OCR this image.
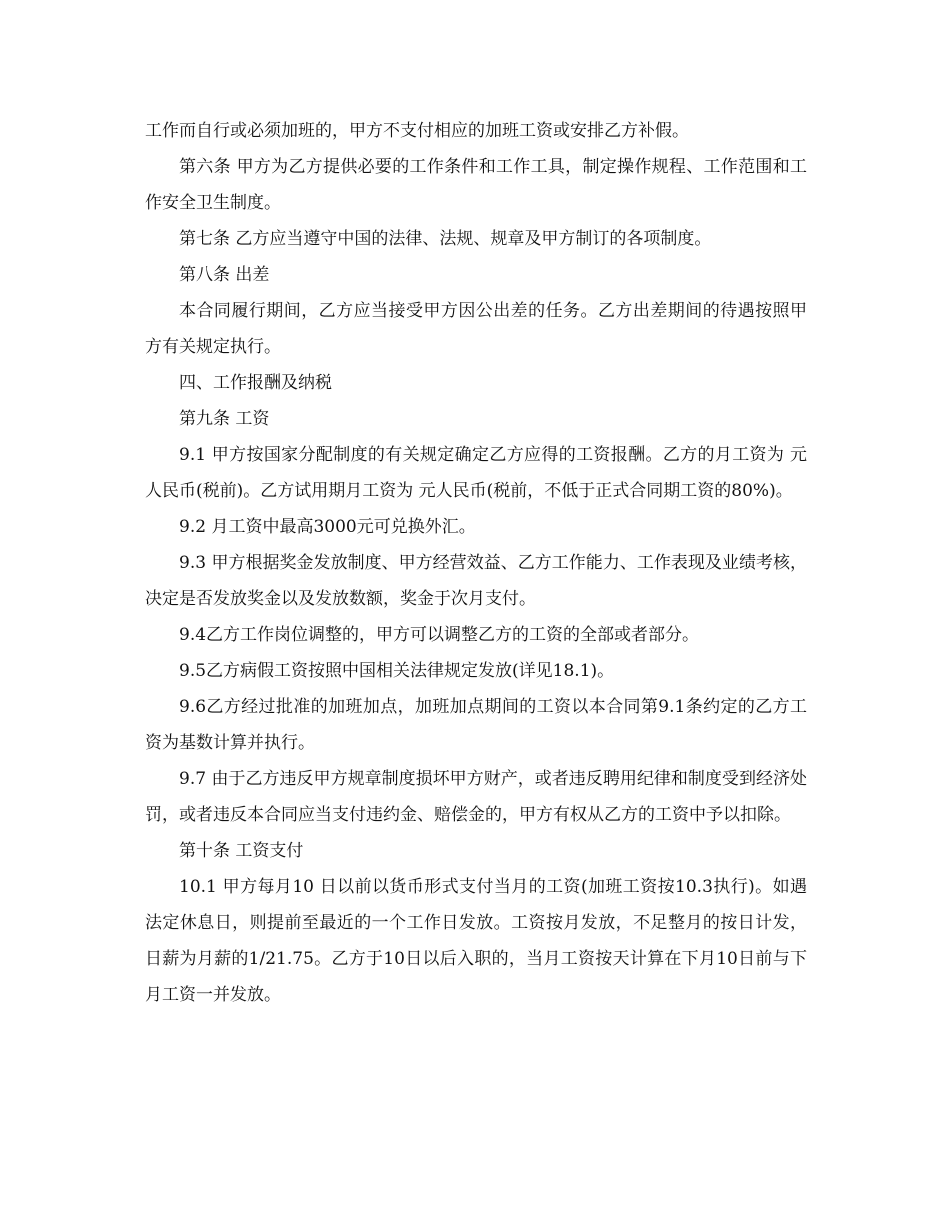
工作而自行或必须加班的，甲方不支付相应的加班工资或安排乙方补假。

第六条 甲方为乙方提供必要的工作条件和工作工具，制定操作规程、工作范围和工作安全卫生制度。

第七条 乙方应当遵守中国的法律、法规、规章及甲方制订的各项制度。

第八条 出差

本合同履行期间，乙方应当接受甲方因公出差的任务。乙方出差期间的待遇按照甲方有关规定执行。

四、工作报酬及纳税

第九条 工资

9.1 甲方按国家分配制度的有关规定确定乙方应得的工资报酬。乙方的月工资为 元人民币(税前)。乙方试用期月工资为 元人民币(税前，不低于正式合同期工资的80%)。

9.2 月工资中最高3000元可兑换外汇。

9.3 甲方根据奖金发放制度、甲方经营效益、乙方工作能力、工作表现及业绩考核，决定是否发放奖金以及发放数额，奖金于次月支付。

9.4乙方工作岗位调整的，甲方可以调整乙方的工资的全部或者部分。

9.5乙方病假工资按照中国相关法律规定发放(详见18.1)。

9.6乙方经过批准的加班加点，加班加点期间的工资以本合同第9.1条约定的乙方工资为基数计算并执行。

9.7 由于乙方违反甲方规章制度损坏甲方财产，或者违反聘用纪律和制度受到经济处罚，或者违反本合同应当支付违约金、赔偿金的，甲方有权从乙方的工资中予以扣除。

第十条 工资支付

10.1 甲方每月10 日以前以货币形式支付当月的工资(加班工资按10.3执行)。如遇法定休息日，则提前至最近的一个工作日发放。工资按月发放，不足整月的按日计发，日薪为月薪的1/21.75。乙方于10日以后入职的，当月工资按天计算在下月10日前与下月工资一并发放。
